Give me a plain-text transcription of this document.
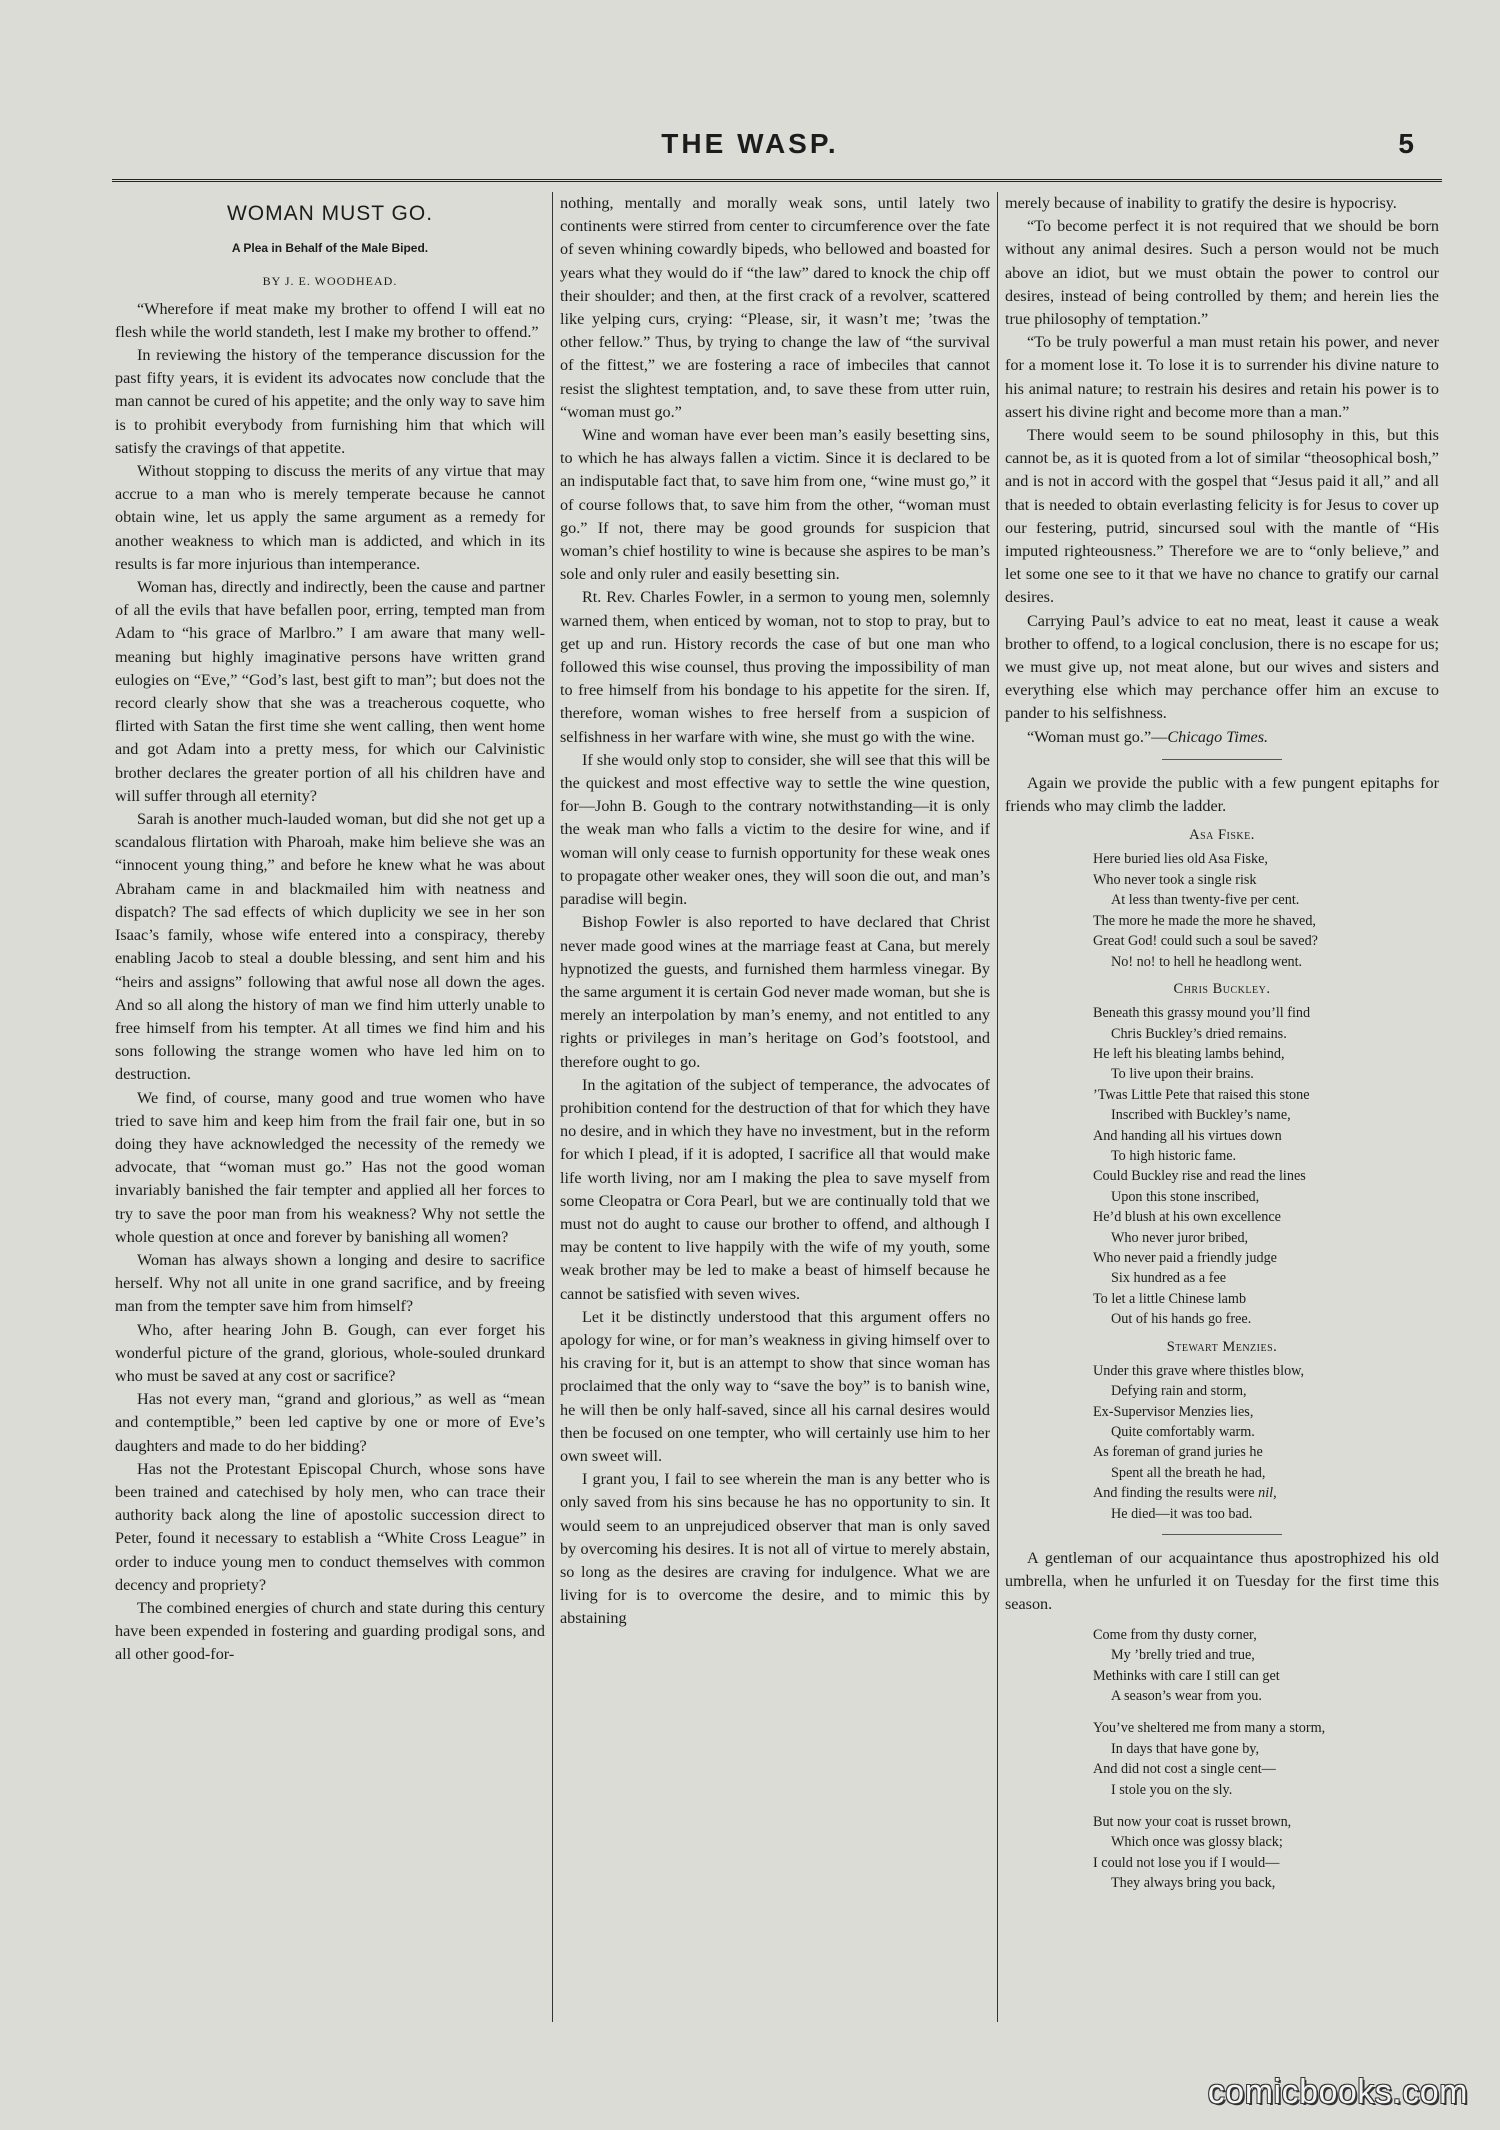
THE WASP.	5
WOMAN MUST GO.
A Plea in Behalf of the Male Biped.
BY J. E. WOODHEAD.

“Wherefore if meat make my brother to offend I will eat no flesh while the world standeth, lest I make my brother to offend.”

In reviewing the history of the temperance discussion for the past fifty years, it is evident its advocates now conclude that the man cannot be cured of his appetite; and the only way to save him is to prohibit everybody from furnishing him that which will satisfy the cravings of that appetite.

Without stopping to discuss the merits of any virtue that may accrue to a man who is merely temperate because he cannot obtain wine, let us apply the same argument as a remedy for another weakness to which man is addicted, and which in its results is far more injurious than intemperance.

Woman has, directly and indirectly, been the cause and partner of all the evils that have befallen poor, erring, tempted man from Adam to “his grace of Marlbro.” I am aware that many well-meaning but highly imaginative persons have written grand eulogies on “Eve,” “God’s last, best gift to man”; but does not the record clearly show that she was a treacherous coquette, who flirted with Satan the first time she went calling, then went home and got Adam into a pretty mess, for which our Calvinistic brother declares the greater portion of all his children have and will suffer through all eternity?

Sarah is another much-lauded woman, but did she not get up a scandalous flirtation with Pharoah, make him believe she was an “innocent young thing,” and before he knew what he was about Abraham came in and blackmailed him with neatness and dispatch? The sad effects of which duplicity we see in her son Isaac’s family, whose wife entered into a conspiracy, thereby enabling Jacob to steal a double blessing, and sent him and his “heirs and assigns” following that awful nose all down the ages. And so all along the history of man we find him utterly unable to free himself from his tempter. At all times we find him and his sons following the strange women who have led him on to destruction.

We find, of course, many good and true women who have tried to save him and keep him from the frail fair one, but in so doing they have acknowledged the necessity of the remedy we advocate, that “woman must go.” Has not the good woman invariably banished the fair tempter and applied all her forces to try to save the poor man from his weakness? Why not settle the whole question at once and forever by banishing all women?

Woman has always shown a longing and desire to sacrifice herself. Why not all unite in one grand sacrifice, and by freeing man from the tempter save him from himself?

Who, after hearing John B. Gough, can ever forget his wonderful picture of the grand, glorious, whole-souled drunkard who must be saved at any cost or sacrifice?

Has not every man, “grand and glorious,” as well as “mean and contemptible,” been led captive by one or more of Eve’s daughters and made to do her bidding?

Has not the Protestant Episcopal Church, whose sons have been trained and catechised by holy men, who can trace their authority back along the line of apostolic succession direct to Peter, found it necessary to establish a “White Cross League” in order to induce young men to conduct themselves with common decency and propriety?

The combined energies of church and state during this century have been expended in fostering and guarding prodigal sons, and all other good-for-

nothing, mentally and morally weak sons, until lately two continents were stirred from center to circumference over the fate of seven whining cowardly bipeds, who bellowed and boasted for years what they would do if “the law” dared to knock the chip off their shoulder; and then, at the first crack of a revolver, scattered like yelping curs, crying: “Please, sir, it wasn’t me; ’twas the other fellow.” Thus, by trying to change the law of “the survival of the fittest,” we are fostering a race of imbeciles that cannot resist the slightest temptation, and, to save these from utter ruin, “woman must go.”

Wine and woman have ever been man’s easily besetting sins, to which he has always fallen a victim. Since it is declared to be an indisputable fact that, to save him from one, “wine must go,” it of course follows that, to save him from the other, “woman must go.” If not, there may be good grounds for suspicion that woman’s chief hostility to wine is because she aspires to be man’s sole and only ruler and easily besetting sin.

Rt. Rev. Charles Fowler, in a sermon to young men, solemnly warned them, when enticed by woman, not to stop to pray, but to get up and run. History records the case of but one man who followed this wise counsel, thus proving the impossibility of man to free himself from his bondage to his appetite for the siren. If, therefore, woman wishes to free herself from a suspicion of selfishness in her warfare with wine, she must go with the wine.

If she would only stop to consider, she will see that this will be the quickest and most effective way to settle the wine question, for—John B. Gough to the contrary notwithstanding—it is only the weak man who falls a victim to the desire for wine, and if woman will only cease to furnish opportunity for these weak ones to propagate other weaker ones, they will soon die out, and man’s paradise will begin.

Bishop Fowler is also reported to have declared that Christ never made good wines at the marriage feast at Cana, but merely hypnotized the guests, and furnished them harmless vinegar. By the same argument it is certain God never made woman, but she is merely an interpolation by man’s enemy, and not entitled to any rights or privileges in man’s heritage on God’s footstool, and therefore ought to go.

In the agitation of the subject of temperance, the advocates of prohibition contend for the destruction of that for which they have no desire, and in which they have no investment, but in the reform for which I plead, if it is adopted, I sacrifice all that would make life worth living, nor am I making the plea to save myself from some Cleopatra or Cora Pearl, but we are continually told that we must not do aught to cause our brother to offend, and although I may be content to live happily with the wife of my youth, some weak brother may be led to make a beast of himself because he cannot be satisfied with seven wives.

Let it be distinctly understood that this argument offers no apology for wine, or for man’s weakness in giving himself over to his craving for it, but is an attempt to show that since woman has proclaimed that the only way to “save the boy” is to banish wine, he will then be only half-saved, since all his carnal desires would then be focused on one tempter, who will certainly use him to her own sweet will.

I grant you, I fail to see wherein the man is any better who is only saved from his sins because he has no opportunity to sin. It would seem to an unprejudiced observer that man is only saved by overcoming his desires. It is not all of virtue to merely abstain, so long as the desires are craving for indulgence. What we are living for is to overcome the desire, and to mimic this by abstaining

merely because of inability to gratify the desire is hypocrisy.

“To become perfect it is not required that we should be born without any animal desires. Such a person would not be much above an idiot, but we must obtain the power to control our desires, instead of being controlled by them; and herein lies the true philosophy of temptation.”

“To be truly powerful a man must retain his power, and never for a moment lose it. To lose it is to surrender his divine nature to his animal nature; to restrain his desires and retain his power is to assert his divine right and become more than a man.”

There would seem to be sound philosophy in this, but this cannot be, as it is quoted from a lot of similar “theosophical bosh,” and is not in accord with the gospel that “Jesus paid it all,” and all that is needed to obtain everlasting felicity is for Jesus to cover up our festering, putrid, sincursed soul with the mantle of “His imputed righteousness.” Therefore we are to “only believe,” and let some one see to it that we have no chance to gratify our carnal desires.

Carrying Paul’s advice to eat no meat, least it cause a weak brother to offend, to a logical conclusion, there is no escape for us; we must give up, not meat alone, but our wives and sisters and everything else which may perchance offer him an excuse to pander to his selfishness.

“Woman must go.”—Chicago Times.

Again we provide the public with a few pungent epitaphs for friends who may climb the ladder.

Asa Fiske.
Here buried lies old Asa Fiske,
Who never took a single risk
At less than twenty-five per cent.
The more he made the more he shaved,
Great God! could such a soul be saved?
No! no! to hell he headlong went.
Chris Buckley.
Beneath this grassy mound you’ll find
Chris Buckley’s dried remains.
He left his bleating lambs behind,
To live upon their brains.
’Twas Little Pete that raised this stone
Inscribed with Buckley’s name,
And handing all his virtues down
To high historic fame.
Could Buckley rise and read the lines
Upon this stone inscribed,
He’d blush at his own excellence
Who never juror bribed,
Who never paid a friendly judge
Six hundred as a fee
To let a little Chinese lamb
Out of his hands go free.
Stewart Menzies.
Under this grave where thistles blow,
Defying rain and storm,
Ex-Supervisor Menzies lies,
Quite comfortably warm.
As foreman of grand juries he
Spent all the breath he had,
And finding the results were nil,
He died—it was too bad.

A gentleman of our acquaintance thus apostrophized his old umbrella, when he unfurled it on Tuesday for the first time this season.

Come from thy dusty corner,
My ’brelly tried and true,
Methinks with care I still can get
A season’s wear from you.
You’ve sheltered me from many a storm,
In days that have gone by,
And did not cost a single cent—
I stole you on the sly.
But now your coat is russet brown,
Which once was glossy black;
I could not lose you if I would—
They always bring you back,
comicbooks.com
